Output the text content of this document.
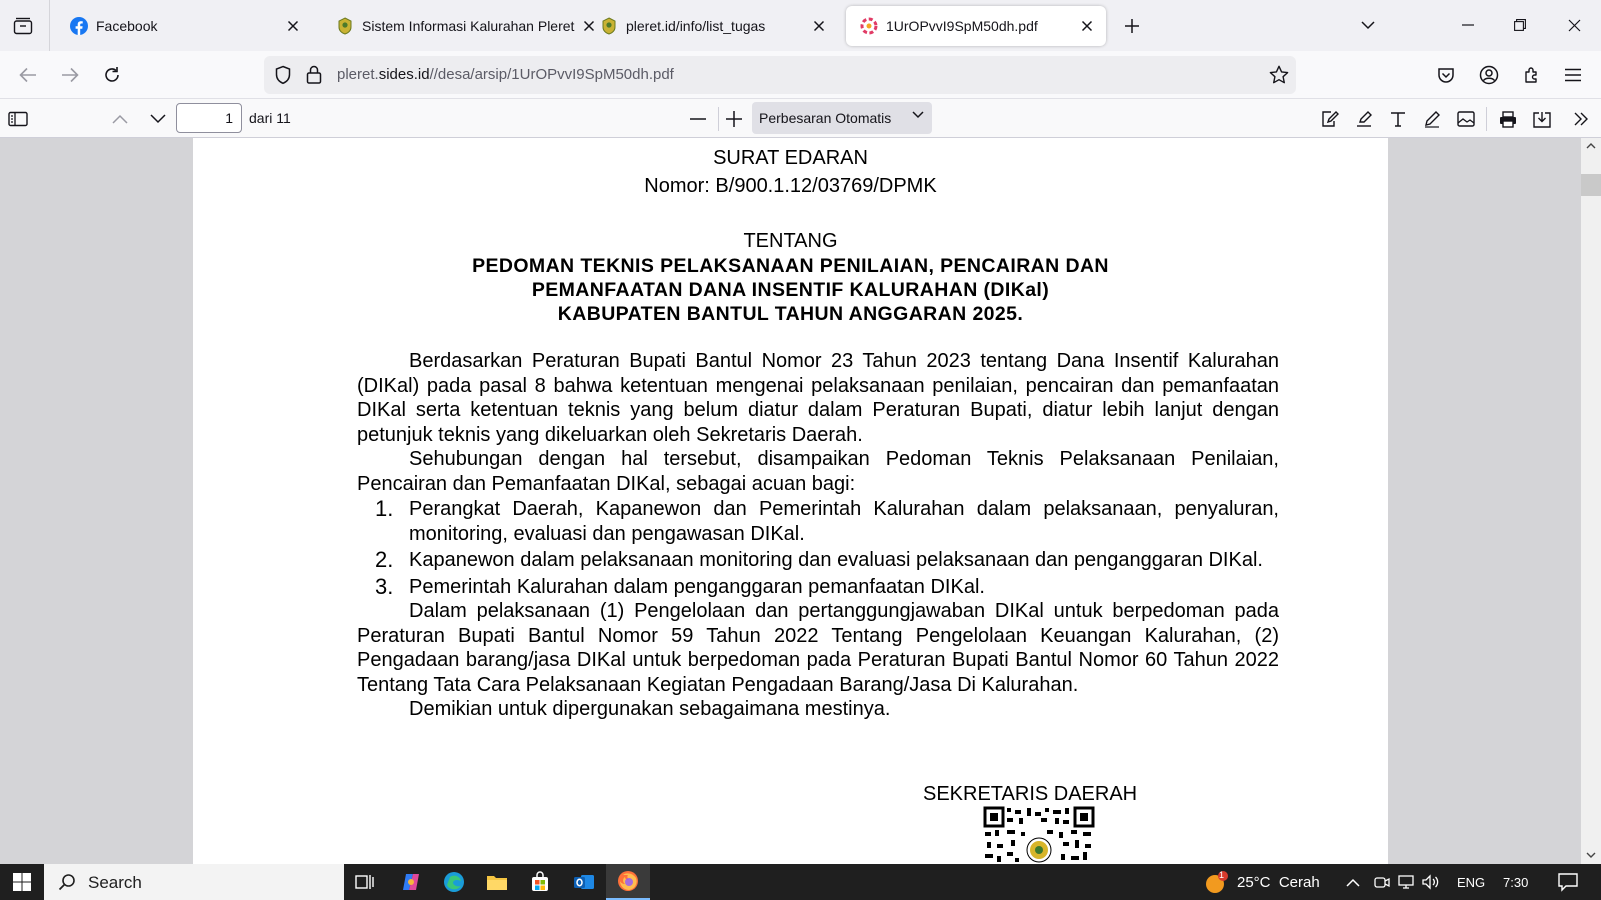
Facebook	Sistem Informasi Kalurahan Pleret	pleret.id/info/list_tugas	1UrOPvvI9SpM50dh.pdf
pleret.sides.id//desa/arsip/1UrOPvvI9SpM50dh.pdf
1
dari 11	Perbesaran Otomatis
SURAT EDARAN
Nomor: B/900.1.12/03769/DPMK
TENTANG
PEDOMAN TEKNIS PELAKSANAAN PENILAIAN, PENCAIRAN DAN
PEMANFAATAN DANA INSENTIF KALURAHAN (DIKal)
KABUPATEN BANTUL TAHUN ANGGARAN 2025.

Berdasarkan Peraturan Bupati Bantul Nomor 23 Tahun 2023 tentang Dana Insentif Kalurahan (DIKal) pada pasal 8 bahwa ketentuan mengenai pelaksanaan penilaian, pencairan dan pemanfaatan DIKal serta ketentuan teknis yang belum diatur dalam Peraturan Bupati, diatur lebih lanjut dengan petunjuk teknis yang dikeluarkan oleh Sekretaris Daerah.

Sehubungan dengan hal tersebut, disampaikan Pedoman Teknis Pelaksanaan Penilaian, Pencairan dan Pemanfaatan DIKal, sebagai acuan bagi:

1. Perangkat Daerah, Kapanewon dan Pemerintah Kalurahan dalam pelaksanaan, penyaluran, monitoring, evaluasi dan pengawasan DIKal.
2. Kapanewon dalam pelaksanaan monitoring dan evaluasi pelaksanaan dan penganggaran DIKal.
3. Pemerintah Kalurahan dalam penganggaran pemanfaatan DIKal.

Dalam pelaksanaan (1) Pengelolaan dan pertanggungjawaban DIKal untuk berpedoman pada Peraturan Bupati Bantul Nomor 59 Tahun 2022 Tentang Pengelolaan Keuangan Kalurahan, (2) Pengadaan barang/jasa DIKal untuk berpedoman pada Peraturan Bupati Bantul Nomor 60 Tahun 2022 Tentang Tata Cara Pelaksanaan Kegiatan Pengadaan Barang/Jasa Di Kalurahan.

Demikian untuk dipergunakan sebagaimana mestinya.

SEKRETARIS DAERAH
Search	1 25°C  Cerah	ENG 7:30
